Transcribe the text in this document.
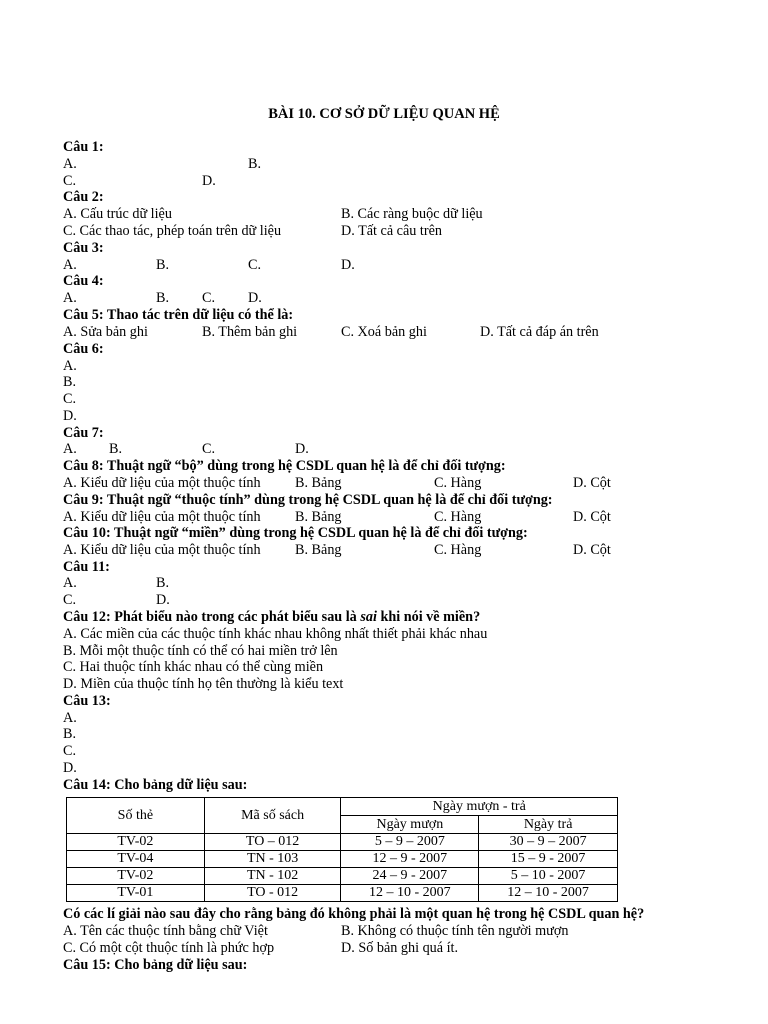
BÀI 10. CƠ SỞ DỮ LIỆU QUAN HỆ
Câu 1:
A.	B.
C.	D.
Câu 2:
A. Cấu trúc dữ liệu	B. Các ràng buộc dữ liệu
C. Các thao tác, phép toán trên dữ liệu	D. Tất cả câu trên
Câu 3:
A.	B.	C.	D.
Câu 4:
A.	B. C. D.
Câu 5: Thao tác trên dữ liệu có thể là:
A. Sửa bản ghi	B. Thêm bản ghi	C. Xoá bản ghi	D. Tất cả đáp án trên
Câu 6:
A.
B.
C.
D.
Câu 7:
A. B.	C.	D.
Câu 8: Thuật ngữ “bộ” dùng trong hệ CSDL quan hệ là để chỉ đối tượng:
A. Kiểu dữ liệu của một thuộc tính B. Bảng	C. Hàng	D. Cột
Câu 9: Thuật ngữ “thuộc tính” dùng trong hệ CSDL quan hệ là để chỉ đối tượng:
A. Kiểu dữ liệu của một thuộc tính B. Bảng	C. Hàng	D. Cột
Câu 10: Thuật ngữ “miền” dùng trong hệ CSDL quan hệ là để chỉ đối tượng:
A. Kiểu dữ liệu của một thuộc tính B. Bảng	C. Hàng	D. Cột
Câu 11:
A.	B.
C.	D.
Câu 12: Phát biểu nào trong các phát biểu sau là sai khi nói về miền?
A. Các miền của các thuộc tính khác nhau không nhất thiết phải khác nhau
B. Mỗi một thuộc tính có thể có hai miền trở lên
C. Hai thuộc tính khác nhau có thể cùng miền
D. Miền của thuộc tính họ tên thường là kiểu text
Câu 13:
A.
B.
C.
D.
Câu 14: Cho bảng dữ liệu sau:
Số thẻ	Mã số sách	Ngày mượn - trả	
		Ngày mượn	Ngày trả
TV-02	TO – 012	5 – 9 – 2007	30 – 9 – 2007
TV-04	TN - 103	12 – 9 - 2007	15 – 9 - 2007
TV-02	TN - 102	24 – 9 - 2007	5 – 10 - 2007
TV-01	TO - 012	12 – 10 - 2007	12 – 10 - 2007
Có các lí giải nào sau đây cho rằng bảng đó không phải là một quan hệ trong hệ CSDL quan hệ?
A. Tên các thuộc tính bằng chữ Việt	B. Không có thuộc tính tên người mượn
C. Có một cột thuộc tính là phức hợp	D. Số bản ghi quá ít.
Câu 15: Cho bảng dữ liệu sau:
